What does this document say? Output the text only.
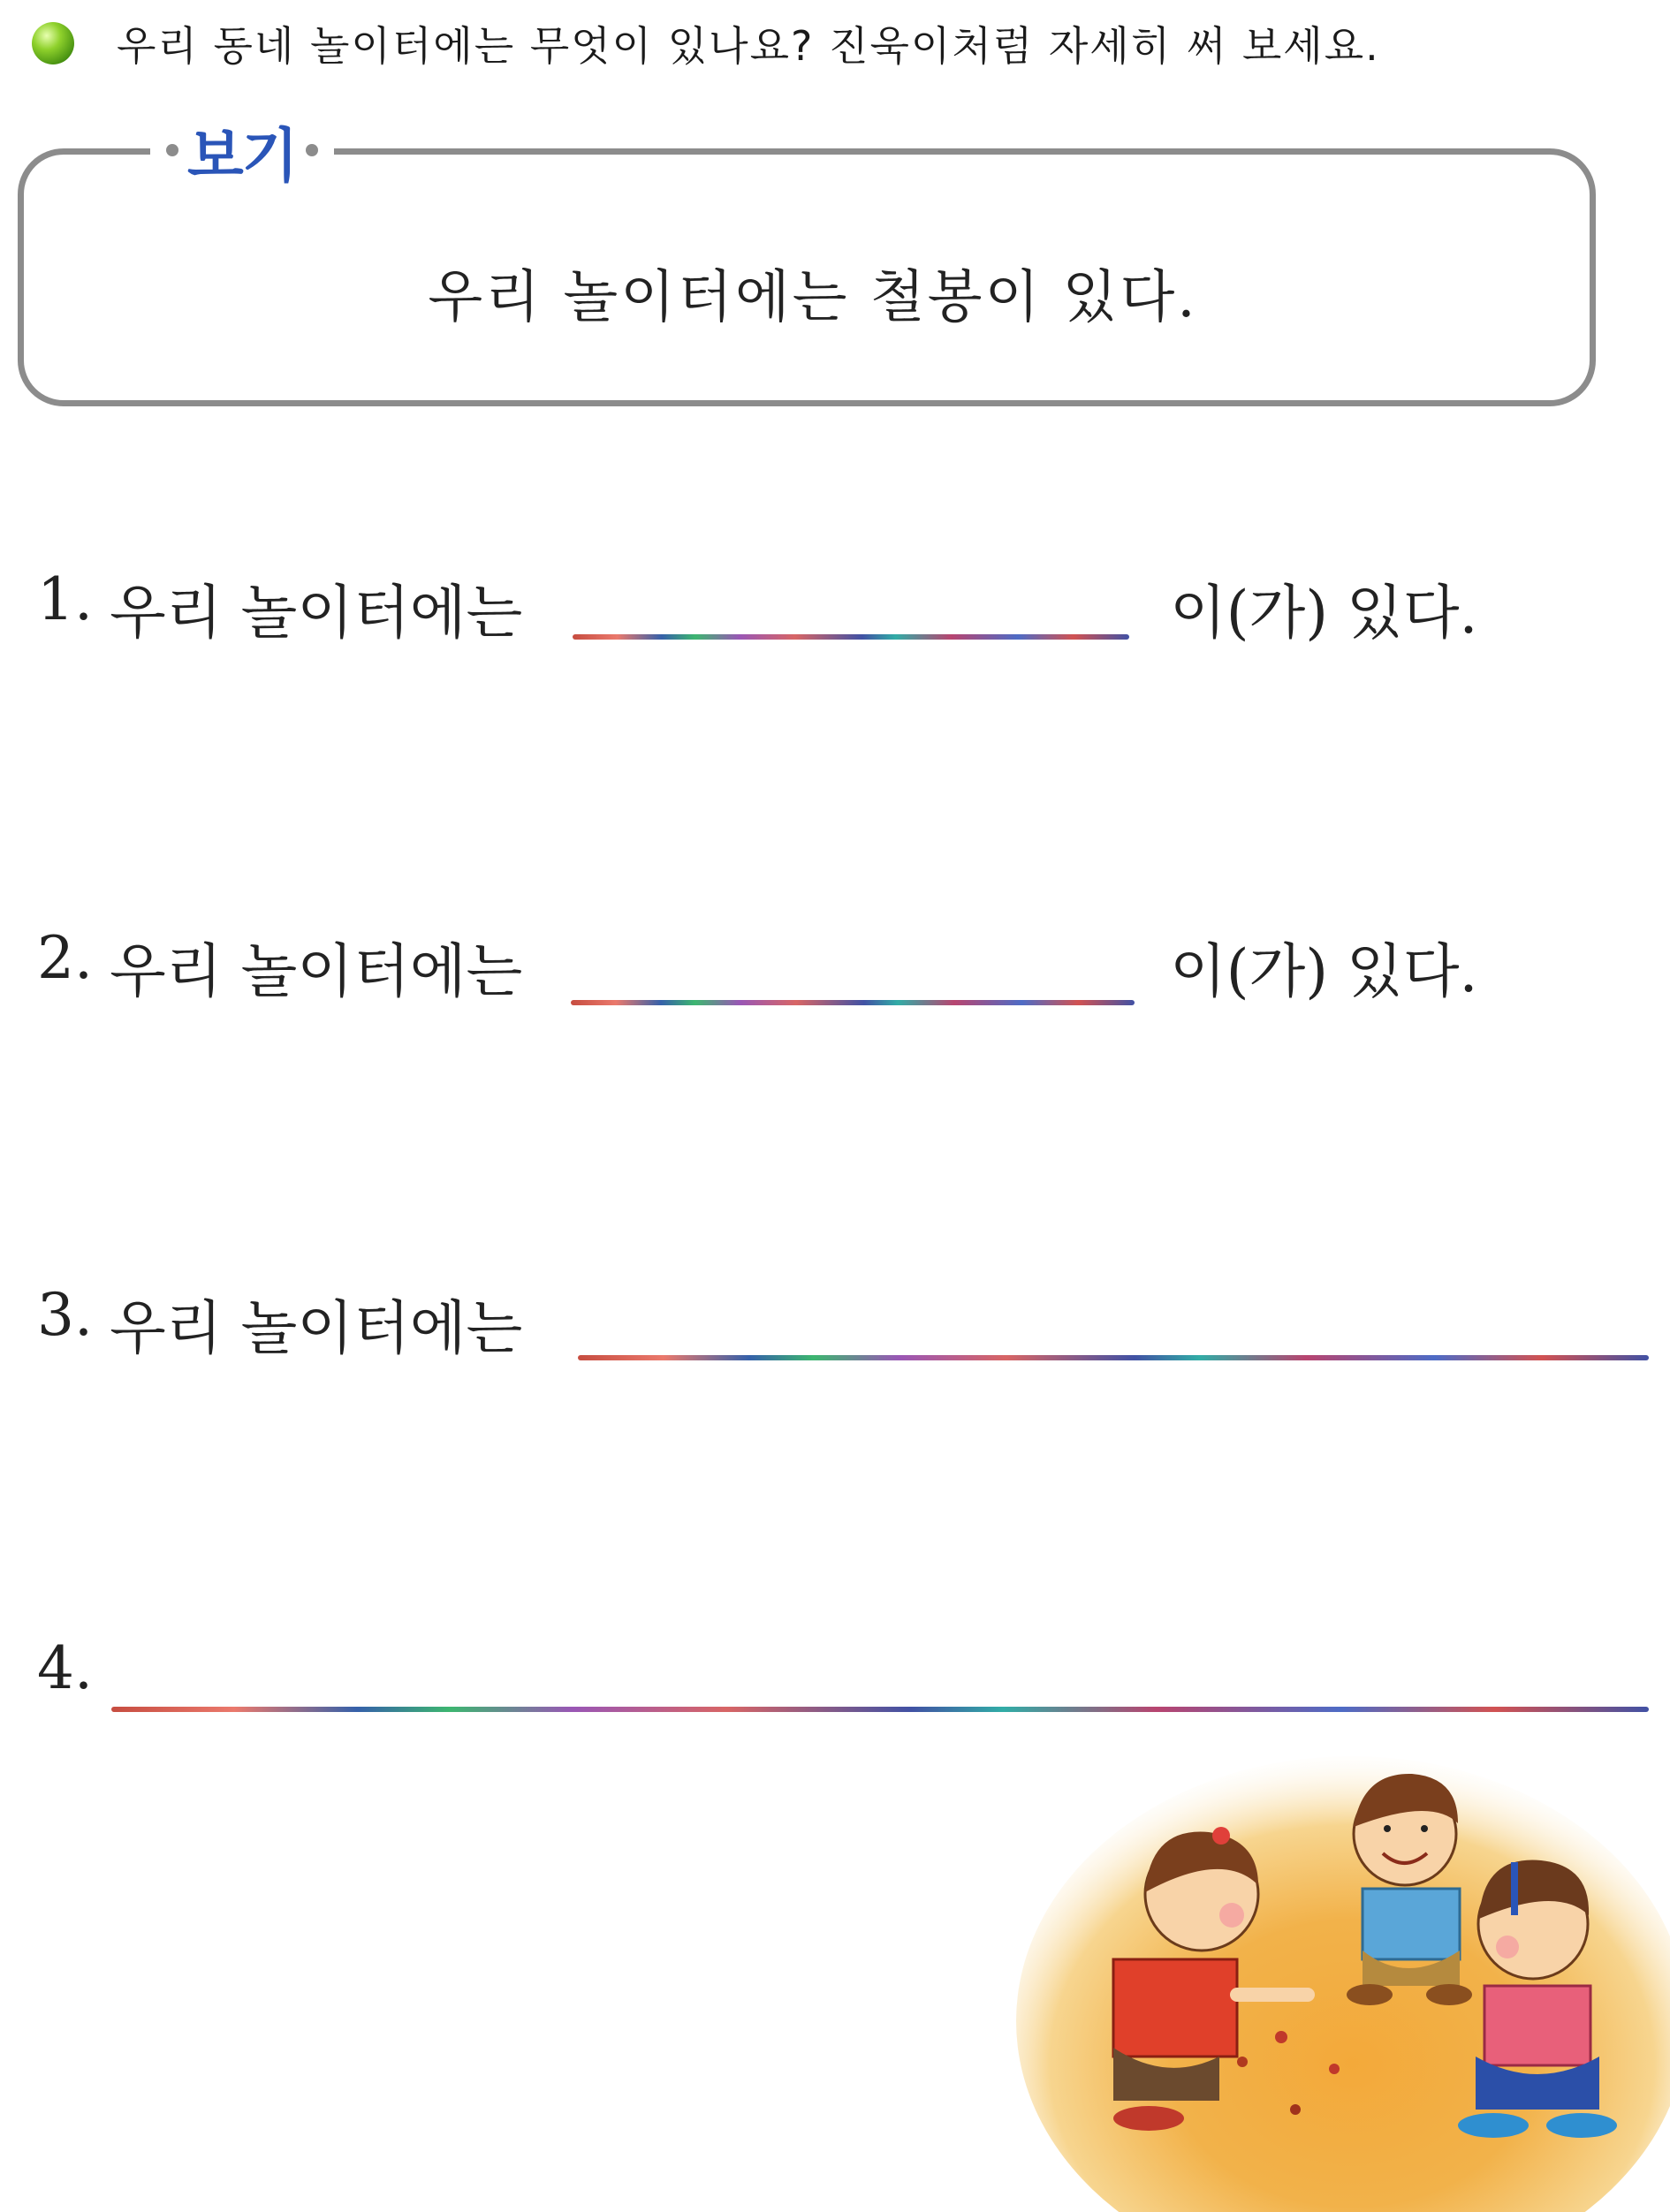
우리 동네 놀이터에는 무엇이 있나요? 진욱이처럼 자세히 써 보세요.
우리 놀이터에는 철봉이 있다.
보기
1. 우리 놀이터에는	이(가) 있다.
2. 우리 놀이터에는	이(가) 있다.
3. 우리 놀이터에는
4.
